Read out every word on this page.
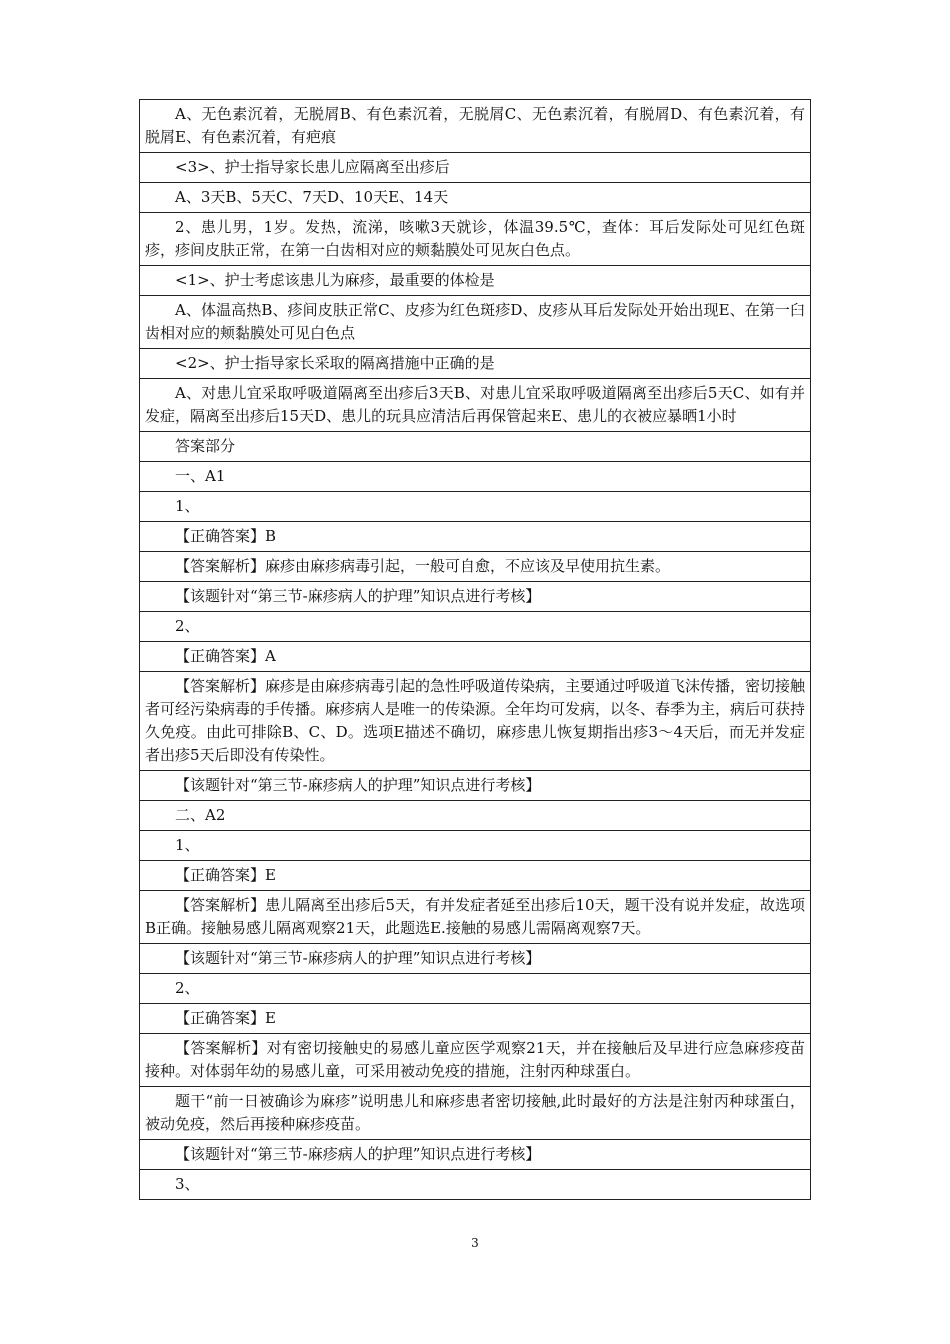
A、无色素沉着，无脱屑B、有色素沉着，无脱屑C、无色素沉着，有脱屑D、有色素沉着，有脱屑E、有色素沉着，有疤痕
<3>、护士指导家长患儿应隔离至出疹后
A、3天B、5天C、7天D、10天E、14天
2、患儿男，1岁。发热，流涕，咳嗽3天就诊，体温39.5℃，查体：耳后发际处可见红色斑疹，疹间皮肤正常，在第一白齿相对应的颊黏膜处可见灰白色点。
<1>、护士考虑该患儿为麻疹，最重要的体检是
A、体温高热B、疹间皮肤正常C、皮疹为红色斑疹D、皮疹从耳后发际处开始出现E、在第一臼齿相对应的颊黏膜处可见白色点
<2>、护士指导家长采取的隔离措施中正确的是
A、对患儿宜采取呼吸道隔离至出疹后3天B、对患儿宜采取呼吸道隔离至出疹后5天C、如有并发症，隔离至出疹后15天D、患儿的玩具应清洁后再保管起来E、患儿的衣被应暴晒1小时
答案部分
一、A1
1、
【正确答案】B
【答案解析】麻疹由麻疹病毒引起，一般可自愈，不应该及早使用抗生素。
【该题针对“第三节-麻疹病人的护理”知识点进行考核】
2、
【正确答案】A
【答案解析】麻疹是由麻疹病毒引起的急性呼吸道传染病，主要通过呼吸道飞沫传播，密切接触者可经污染病毒的手传播。麻疹病人是唯一的传染源。全年均可发病，以冬、春季为主，病后可获持久免疫。由此可排除B、C、D。选项E描述不确切，麻疹患儿恢复期指出疹3～4天后，而无并发症者出疹5天后即没有传染性。
【该题针对“第三节-麻疹病人的护理”知识点进行考核】
二、A2
1、
【正确答案】E
【答案解析】患儿隔离至出疹后5天，有并发症者延至出疹后10天，题干没有说并发症，故选项B正确。接触易感儿隔离观察21天，此题选E.接触的易感儿需隔离观察7天。
【该题针对“第三节-麻疹病人的护理”知识点进行考核】
2、
【正确答案】E
【答案解析】对有密切接触史的易感儿童应医学观察21天，并在接触后及早进行应急麻疹疫苗接种。对体弱年幼的易感儿童，可采用被动免疫的措施，注射丙种球蛋白。
题干“前一日被确诊为麻疹”说明患儿和麻疹患者密切接触,此时最好的方法是注射丙种球蛋白，被动免疫，然后再接种麻疹疫苗。
【该题针对“第三节-麻疹病人的护理”知识点进行考核】
3、
3
